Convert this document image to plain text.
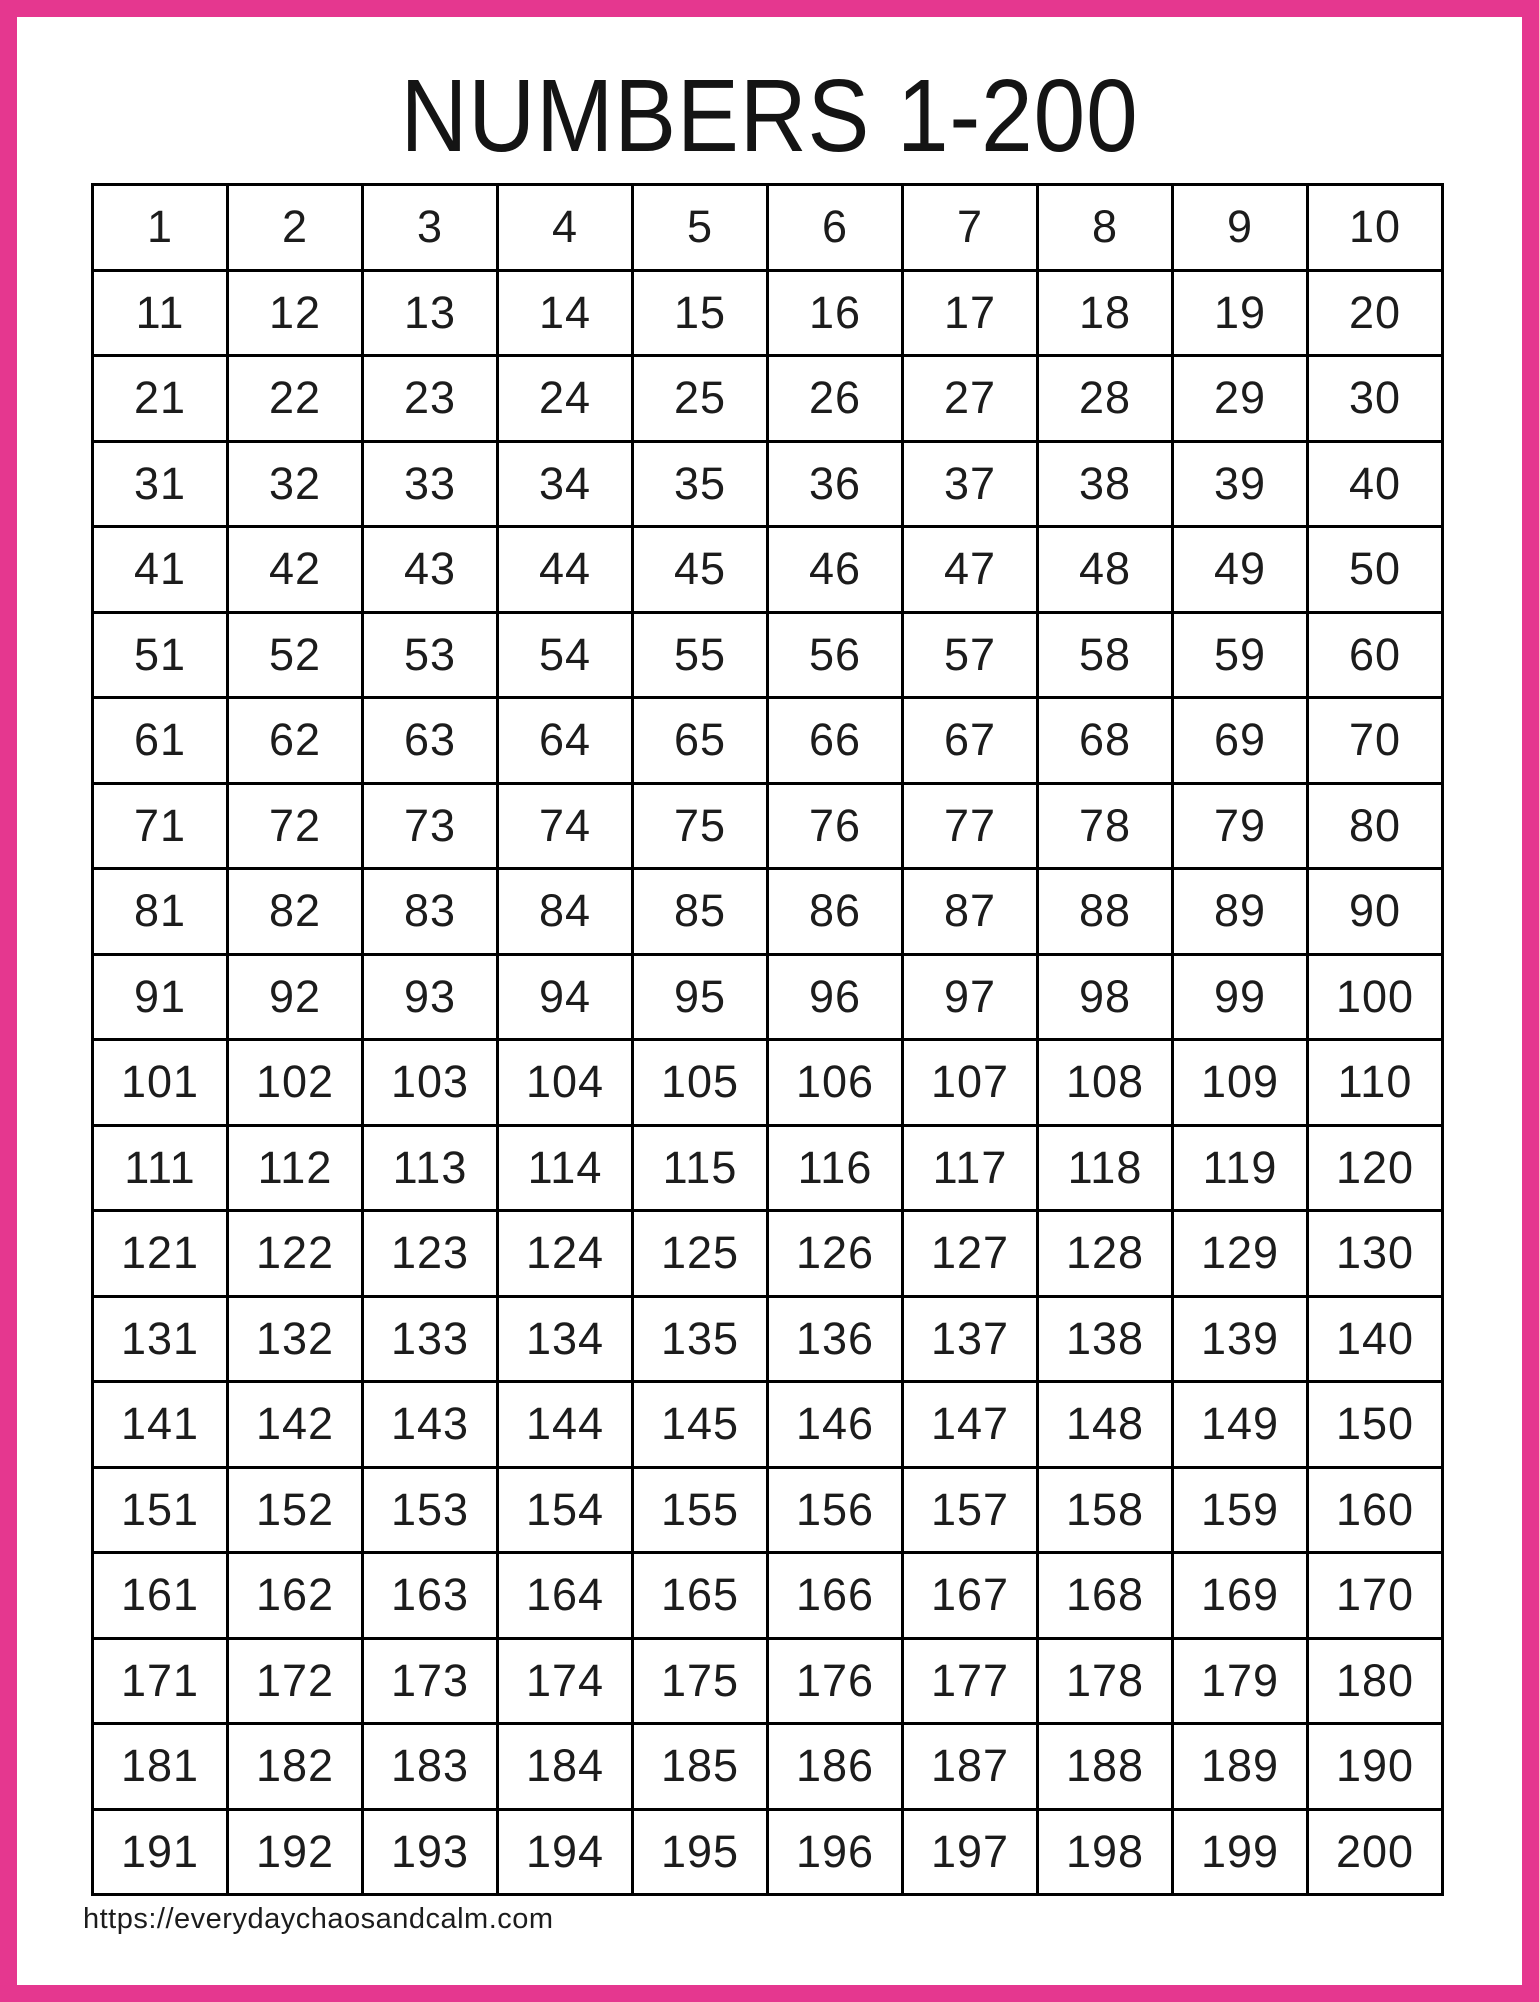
NUMBERS 1-200
1	2	3	4	5	6	7	8	9	10
11	12	13	14	15	16	17	18	19	20
21	22	23	24	25	26	27	28	29	30
31	32	33	34	35	36	37	38	39	40
41	42	43	44	45	46	47	48	49	50
51	52	53	54	55	56	57	58	59	60
61	62	63	64	65	66	67	68	69	70
71	72	73	74	75	76	77	78	79	80
81	82	83	84	85	86	87	88	89	90
91	92	93	94	95	96	97	98	99	100
101	102	103	104	105	106	107	108	109	110
111	112	113	114	115	116	117	118	119	120
121	122	123	124	125	126	127	128	129	130
131	132	133	134	135	136	137	138	139	140
141	142	143	144	145	146	147	148	149	150
151	152	153	154	155	156	157	158	159	160
161	162	163	164	165	166	167	168	169	170
171	172	173	174	175	176	177	178	179	180
181	182	183	184	185	186	187	188	189	190
191	192	193	194	195	196	197	198	199	200
https://everydaychaosandcalm.com
